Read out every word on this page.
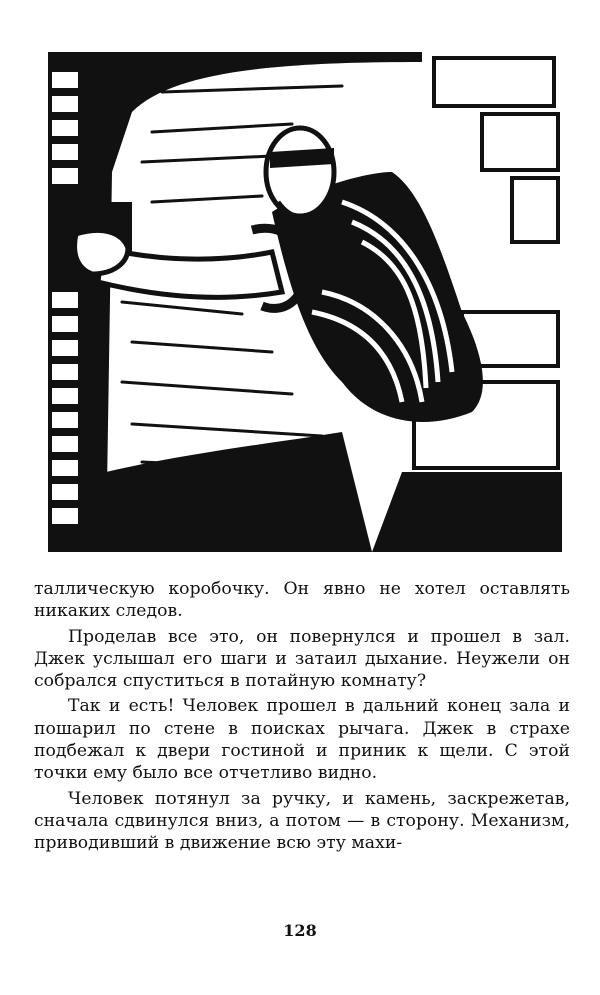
таллическую коробочку. Он явно не хотел оставлять никаких следов.

Проделав все это, он повернулся и прошел в зал. Джек услышал его шаги и затаил дыхание. Неужели он собрался спуститься в потайную комнату?

Так и есть! Человек прошел в дальний конец зала и пошарил по стене в поисках рычага. Джек в страхе подбежал к двери гостиной и приник к щели. С этой точки ему было все отчетливо видно.

Человек потянул за ручку, и камень, заскрежетав, сначала сдвинулся вниз, а потом — в сторону. Механизм, приводивший в движение всю эту махи-

128
